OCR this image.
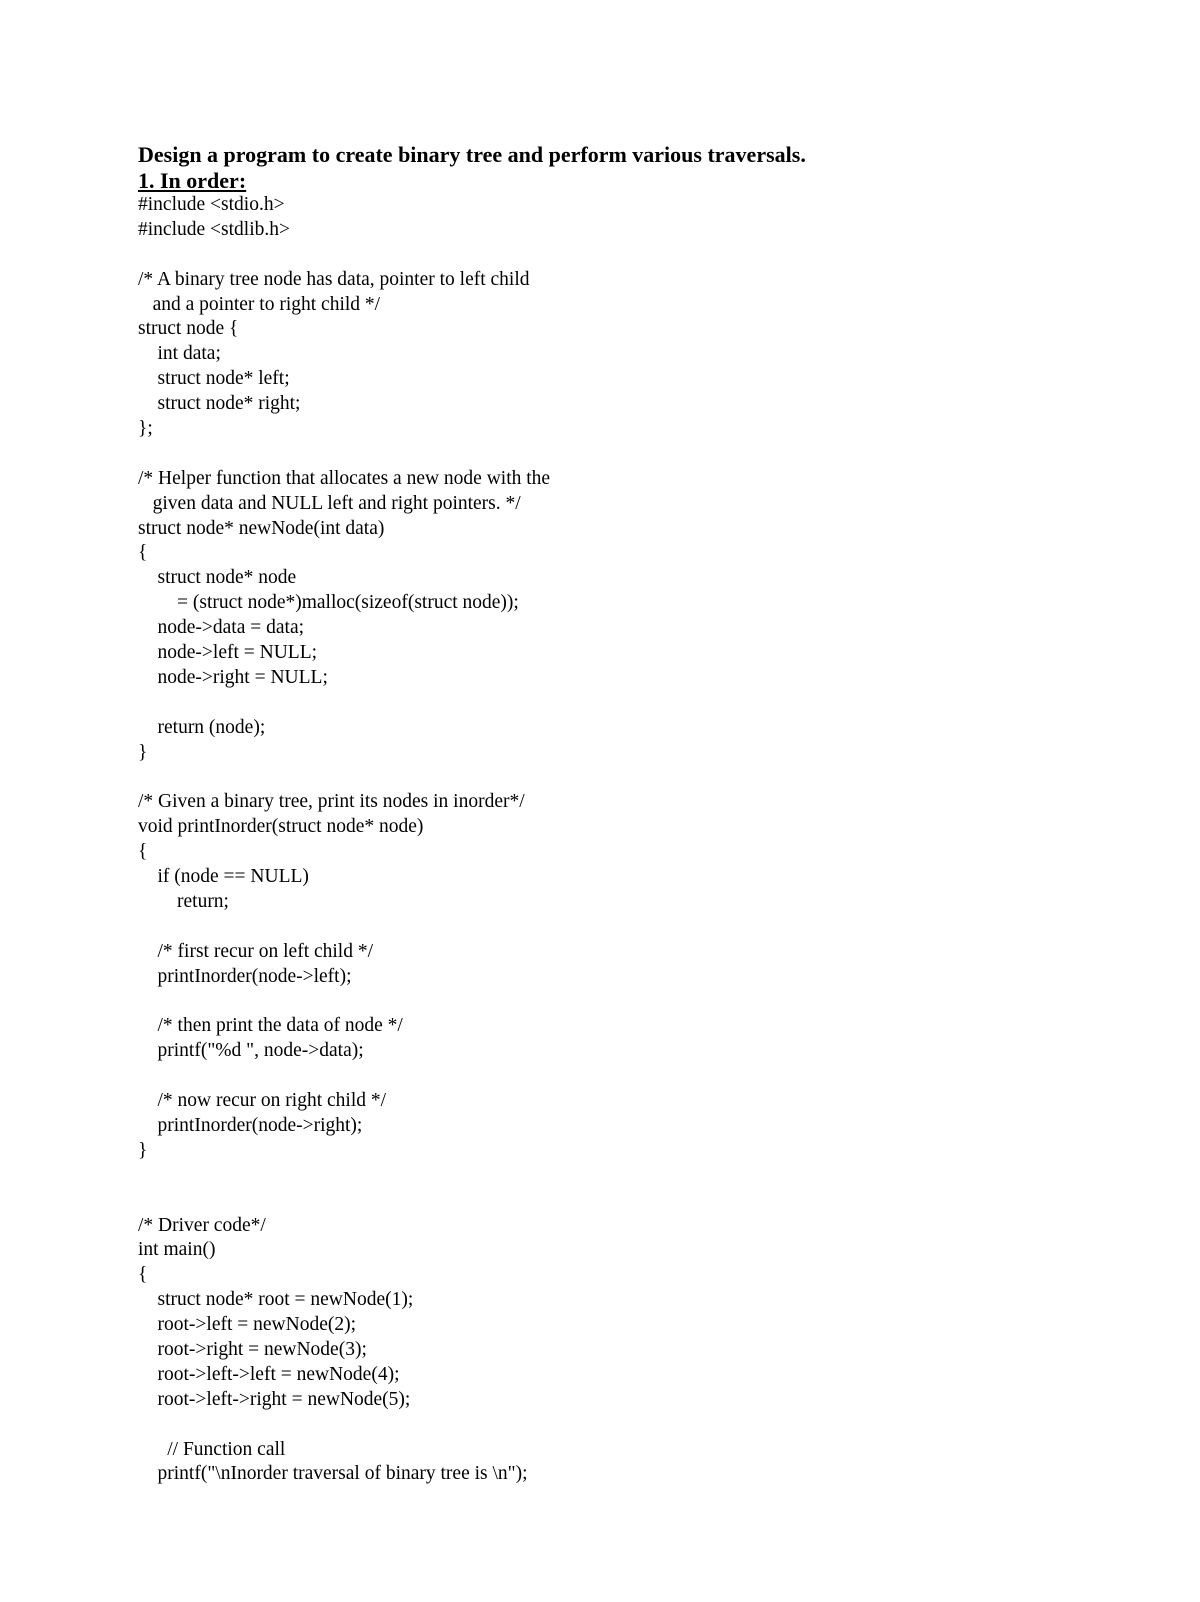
Design a program to create binary tree and perform various traversals.
1. In order:
#include <stdio.h>
#include <stdlib.h>
/* A binary tree node has data, pointer to left child
and a pointer to right child */
struct node {
int data;
struct node* left;
struct node* right;
};
/* Helper function that allocates a new node with the
given data and NULL left and right pointers. */
struct node* newNode(int data)
{
struct node* node
= (struct node*)malloc(sizeof(struct node));
node->data = data;
node->left = NULL;
node->right = NULL;
return (node);
}
/* Given a binary tree, print its nodes in inorder*/
void printInorder(struct node* node)
{
if (node == NULL)
return;
/* first recur on left child */
printInorder(node->left);
/* then print the data of node */
printf("%d ", node->data);
/* now recur on right child */
printInorder(node->right);
}
/* Driver code*/
int main()
{
struct node* root = newNode(1);
root->left = newNode(2);
root->right = newNode(3);
root->left->left = newNode(4);
root->left->right = newNode(5);
// Function call
printf("\nInorder traversal of binary tree is \n");
